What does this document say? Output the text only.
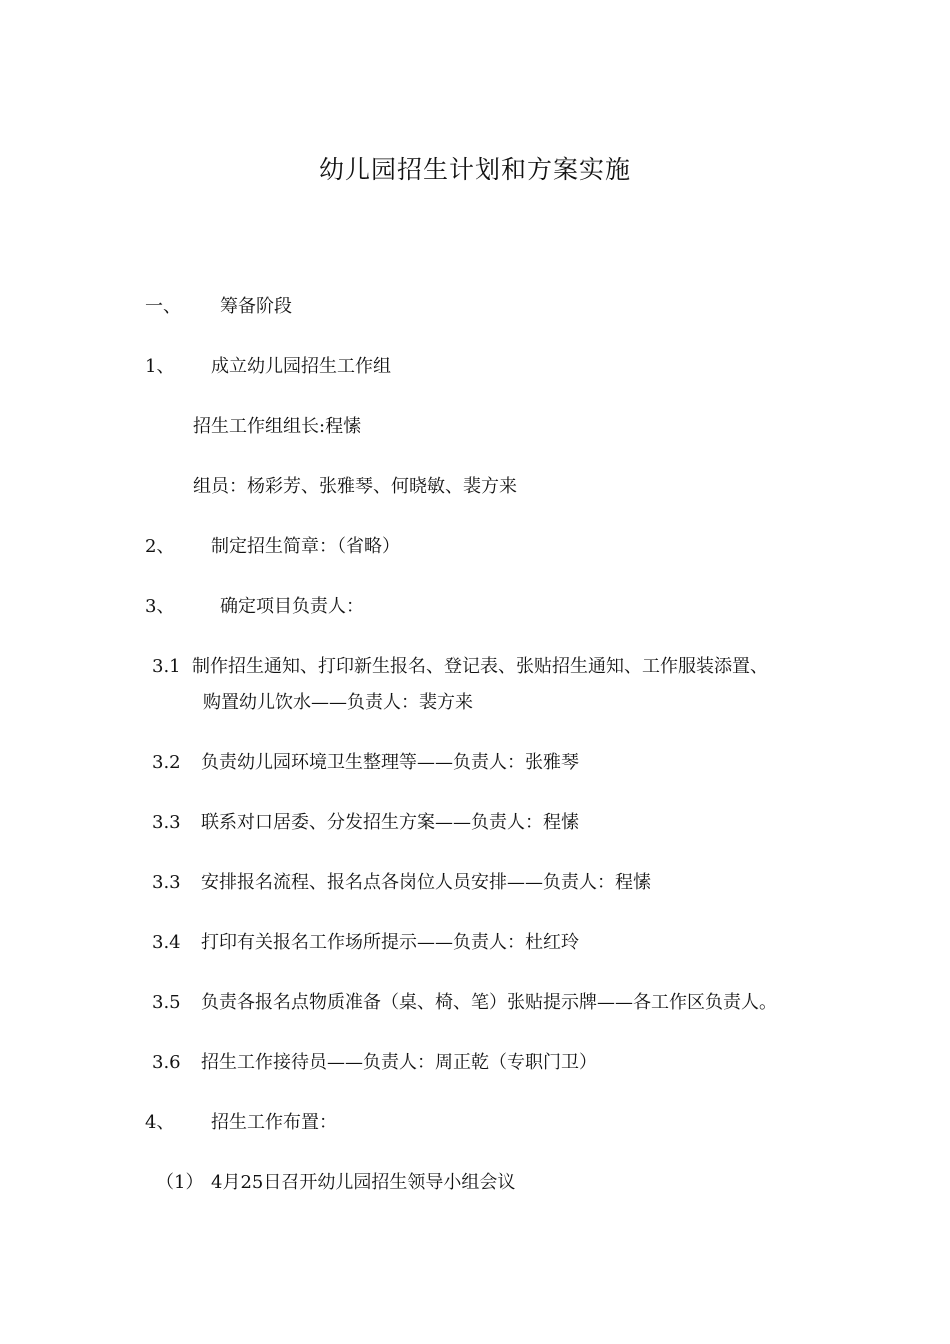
幼儿园招生计划和方案实施
一、 筹备阶段
1、 成立幼儿园招生工作组
招生工作组组长:程愫
组员：杨彩芳、张雅琴、何晓敏、裴方来
2、 制定招生简章：（省略）
3、	确定项目负责人：
3.1 制作招生通知、打印新生报名、登记表、张贴招生通知、工作服装添置、
购置幼儿饮水——负责人：裴方来
3.2 负责幼儿园环境卫生整理等——负责人：张雅琴
3.3 联系对口居委、分发招生方案——负责人：程愫
3.3 安排报名流程、报名点各岗位人员安排——负责人：程愫
3.4 打印有关报名工作场所提示——负责人：杜红玲
3.5 负责各报名点物质准备（桌、椅、笔）张贴提示牌——各工作区负责人。
3.6 招生工作接待员——负责人：周正乾（专职门卫）
4、 招生工作布置：
（1） 4月25日召开幼儿园招生领导小组会议
